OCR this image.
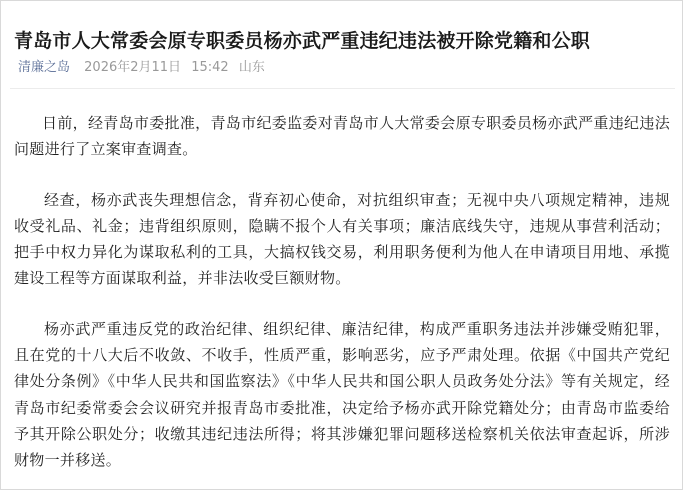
青岛市人大常委会原专职委员杨亦武严重违纪违法被开除党籍和公职
清廉之岛 2026年2月11日 15:42 山东

日前，经青岛市委批准，青岛市纪委监委对青岛市人大常委会原专职委员杨亦武严重违纪违法问题进行了立案审查调查。

经查，杨亦武丧失理想信念，背弃初心使命，对抗组织审查；无视中央八项规定精神，违规收受礼品、礼金；违背组织原则，隐瞒不报个人有关事项；廉洁底线失守，违规从事营利活动；把手中权力异化为谋取私利的工具，大搞权钱交易，利用职务便利为他人在申请项目用地、承揽建设工程等方面谋取利益，并非法收受巨额财物。

杨亦武严重违反党的政治纪律、组织纪律、廉洁纪律，构成严重职务违法并涉嫌受贿犯罪，且在党的十八大后不收敛、不收手，性质严重，影响恶劣，应予严肃处理。依据《中国共产党纪律处分条例》《中华人民共和国监察法》《中华人民共和国公职人员政务处分法》等有关规定，经青岛市纪委常委会会议研究并报青岛市委批准，决定给予杨亦武开除党籍处分；由青岛市监委给予其开除公职处分；收缴其违纪违法所得；将其涉嫌犯罪问题移送检察机关依法审查起诉，所涉财物一并移送。
